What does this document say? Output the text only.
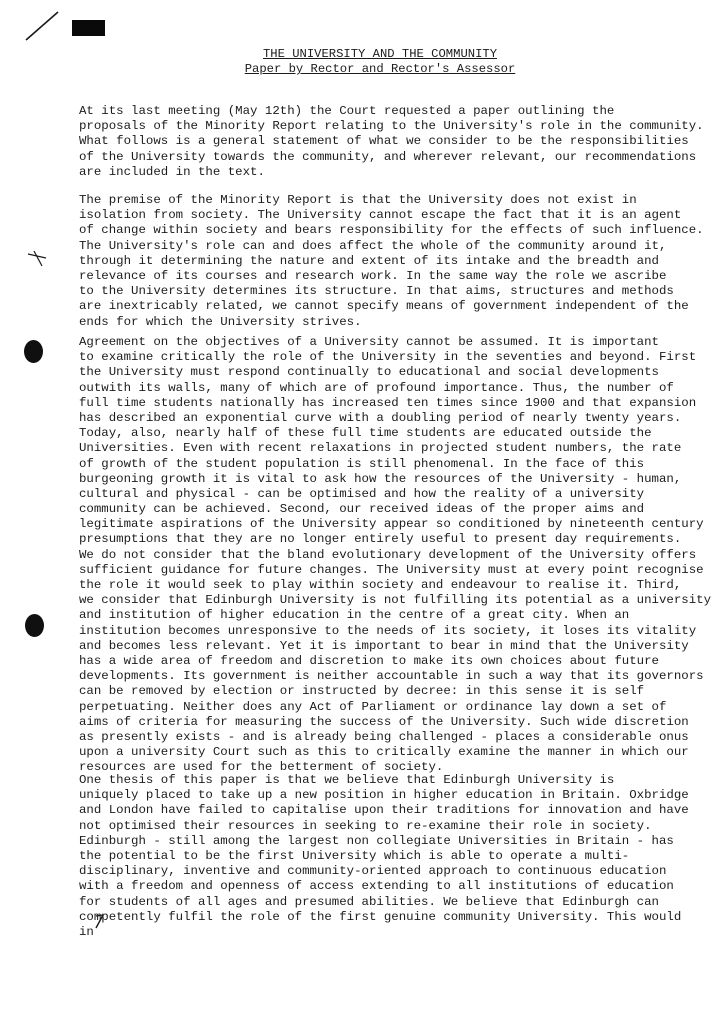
THE UNIVERSITY AND THE COMMUNITY
Paper by Rector and Rector's Assessor
At its last meeting (May 12th) the Court requested a paper outlining the
proposals of the Minority Report relating to the University's role in the community.
What follows is a general statement of what we consider to be the responsibilities
of the University towards the community, and wherever relevant, our recommendations
are included in the text.
The premise of the Minority Report is that the University does not exist in
isolation from society. The University cannot escape the fact that it is an agent
of change within society and bears responsibility for the effects of such influence.
The University's role can and does affect the whole of the community around it,
through it determining the nature and extent of its intake and the breadth and
relevance of its courses and research work. In the same way the role we ascribe
to the University determines its structure. In that aims, structures and methods
are inextricably related, we cannot specify means of government independent of the
ends for which the University strives.
Agreement on the objectives of a University cannot be assumed. It is important
to examine critically the role of the University in the seventies and beyond. First
the University must respond continually to educational and social developments
outwith its walls, many of which are of profound importance. Thus, the number of
full time students nationally has increased ten times since 1900 and that expansion
has described an exponential curve with a doubling period of nearly twenty years.
Today, also, nearly half of these full time students are educated outside the
Universities. Even with recent relaxations in projected student numbers, the rate
of growth of the student population is still phenomenal. In the face of this
burgeoning growth it is vital to ask how the resources of the University - human,
cultural and physical - can be optimised and how the reality of a university
community can be achieved. Second, our received ideas of the proper aims and
legitimate aspirations of the University appear so conditioned by nineteenth century
presumptions that they are no longer entirely useful to present day requirements.
We do not consider that the bland evolutionary development of the University offers
sufficient guidance for future changes. The University must at every point recognise
the role it would seek to play within society and endeavour to realise it. Third,
we consider that Edinburgh University is not fulfilling its potential as a university
and institution of higher education in the centre of a great city. When an
institution becomes unresponsive to the needs of its society, it loses its vitality
and becomes less relevant. Yet it is important to bear in mind that the University
has a wide area of freedom and discretion to make its own choices about future
developments. Its government is neither accountable in such a way that its governors
can be removed by election or instructed by decree: in this sense it is self
perpetuating. Neither does any Act of Parliament or ordinance lay down a set of
aims of criteria for measuring the success of the University. Such wide discretion
as presently exists - and is already being challenged - places a considerable onus
upon a university Court such as this to critically examine the manner in which our
resources are used for the betterment of society.
One thesis of this paper is that we believe that Edinburgh University is
uniquely placed to take up a new position in higher education in Britain. Oxbridge
and London have failed to capitalise upon their traditions for innovation and have
not optimised their resources in seeking to re-examine their role in society.
Edinburgh - still among the largest non collegiate Universities in Britain - has
the potential to be the first University which is able to operate a multi-
disciplinary, inventive and community-oriented approach to continuous education
with a freedom and openness of access extending to all institutions of education
for students of all ages and presumed abilities. We believe that Edinburgh can
competently fulfil the role of the first genuine community University. This would
in
